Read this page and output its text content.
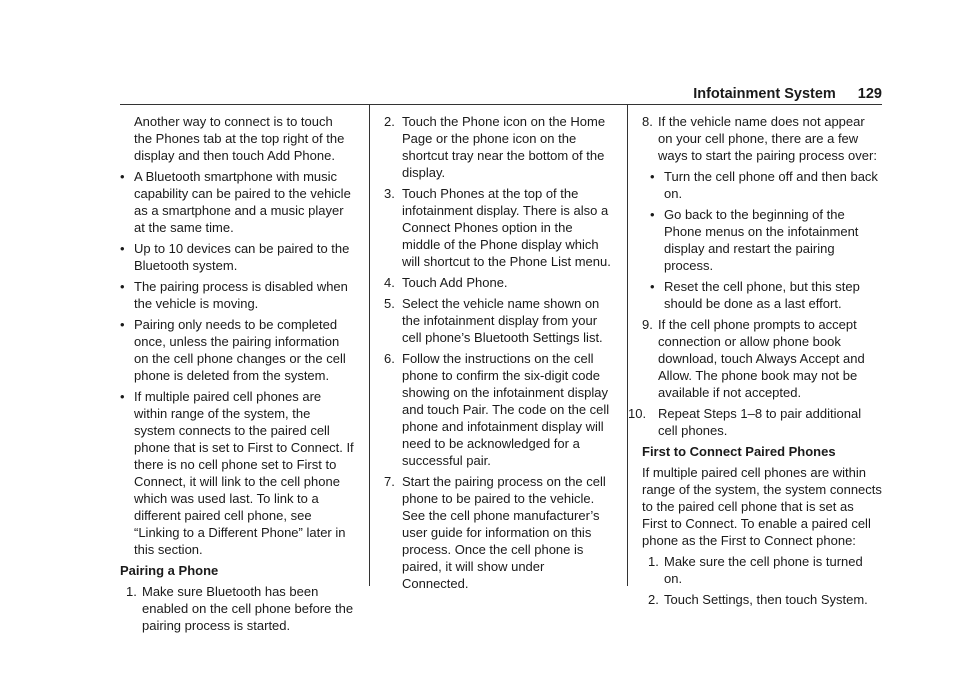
Infotainment System 129

Another way to connect is to touch the Phones tab at the top right of the display and then touch Add Phone.

• A Bluetooth smartphone with music capability can be paired to the vehicle as a smartphone and a music player at the same time.

• Up to 10 devices can be paired to the Bluetooth system.

• The pairing process is disabled when the vehicle is moving.

• Pairing only needs to be completed once, unless the pairing information on the cell phone changes or the cell phone is deleted from the system.

• If multiple paired cell phones are within range of the system, the system connects to the paired cell phone that is set to First to Connect. If there is no cell phone set to First to Connect, it will link to the cell phone which was used last. To link to a different paired cell phone, see “Linking to a Different Phone” later in this section.

Pairing a Phone

1. Make sure Bluetooth has been enabled on the cell phone before the pairing process is started.

2. Touch the Phone icon on the Home Page or the phone icon on the shortcut tray near the bottom of the display.

3. Touch Phones at the top of the infotainment display. There is also a Connect Phones option in the middle of the Phone display which will shortcut to the Phone List menu.

4. Touch Add Phone.

5. Select the vehicle name shown on the infotainment display from your cell phone’s Bluetooth Settings list.

6. Follow the instructions on the cell phone to confirm the six-digit code showing on the infotainment display and touch Pair. The code on the cell phone and infotainment display will need to be acknowledged for a successful pair.

7. Start the pairing process on the cell phone to be paired to the vehicle. See the cell phone manufacturer’s user guide for information on this process. Once the cell phone is paired, it will show under Connected.

8. If the vehicle name does not appear on your cell phone, there are a few ways to start the pairing process over:

• Turn the cell phone off and then back on.

• Go back to the beginning of the Phone menus on the infotainment display and restart the pairing process.

• Reset the cell phone, but this step should be done as a last effort.

9. If the cell phone prompts to accept connection or allow phone book download, touch Always Accept and Allow. The phone book may not be available if not accepted.

10. Repeat Steps 1–8 to pair additional cell phones.

First to Connect Paired Phones

If multiple paired cell phones are within range of the system, the system connects to the paired cell phone that is set as First to Connect. To enable a paired cell phone as the First to Connect phone:

1. Make sure the cell phone is turned on.

2. Touch Settings, then touch System.
